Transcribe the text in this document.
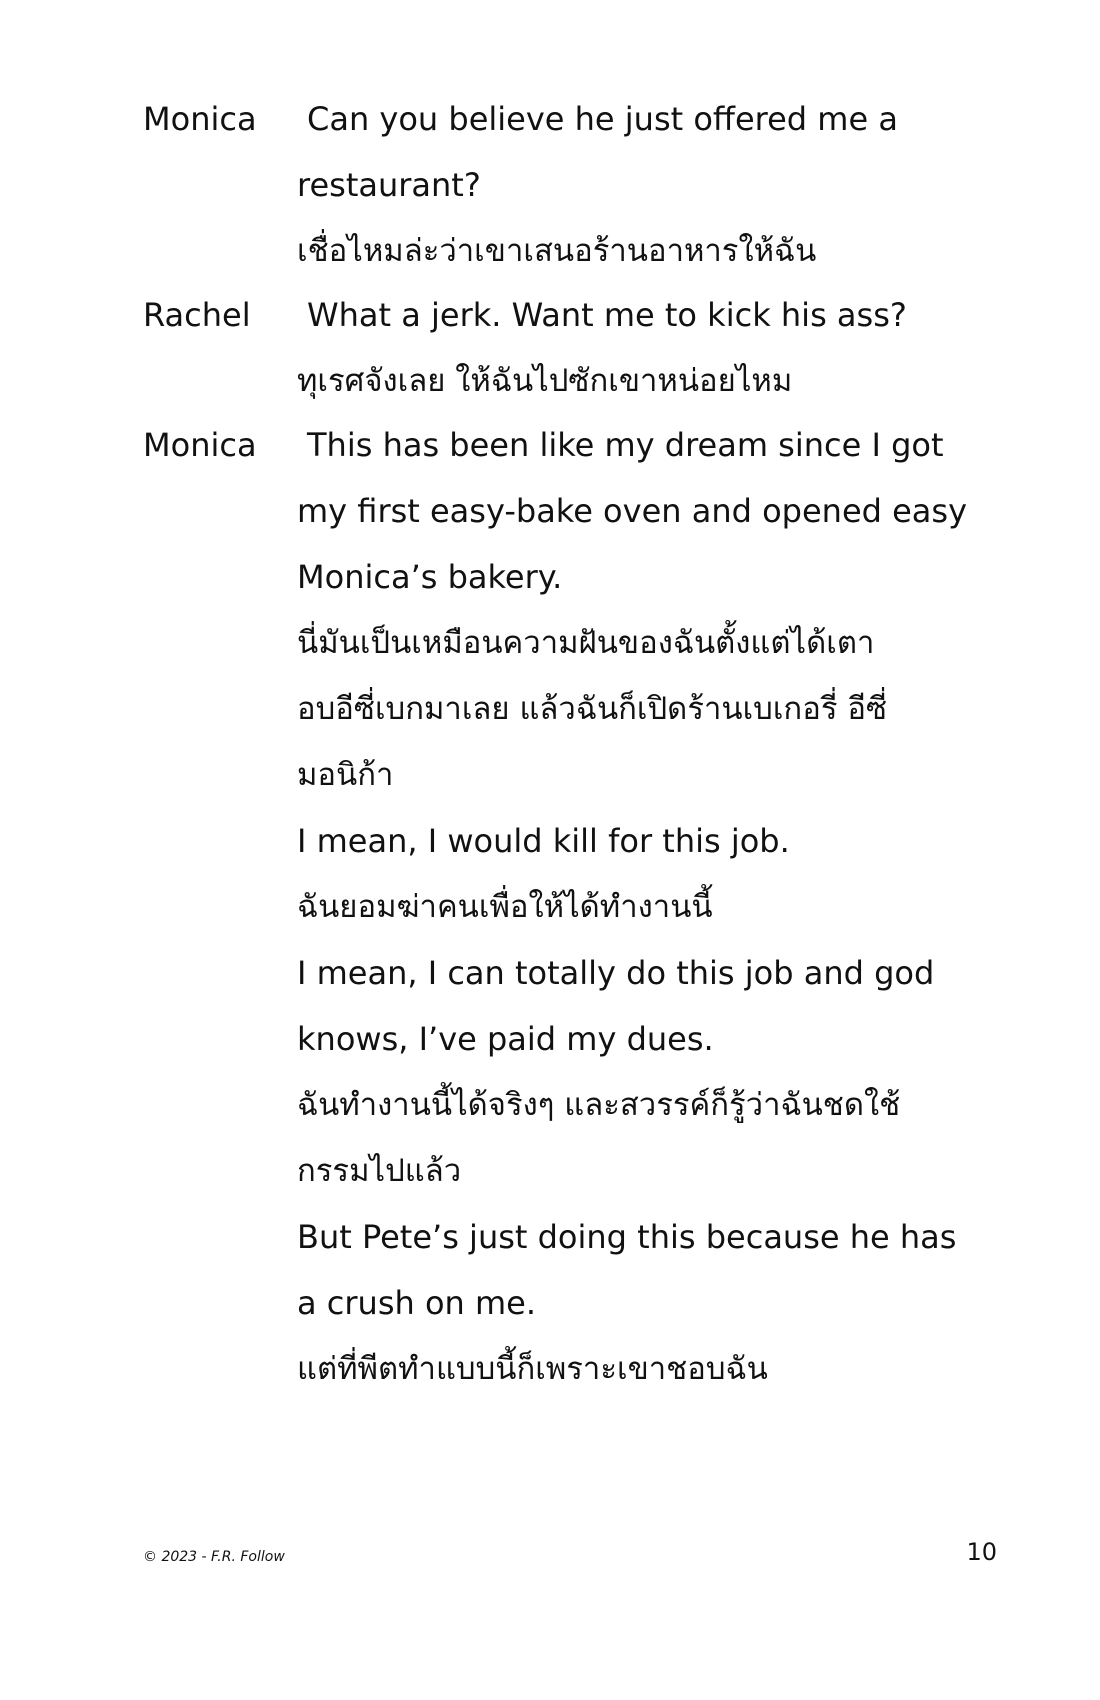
Monica	Can you believe he just offered me a
restaurant?
เชื่อไหมล่ะว่าเขาเสนอร้านอาหารให้ฉัน
Rachel	What a jerk. Want me to kick his ass?
ทุเรศจังเลย ให้ฉันไปซักเขาหน่อยไหม
Monica	This has been like my dream since I got
my first easy-bake oven and opened easy
Monica’s bakery.
นี่มันเป็นเหมือนความฝันของฉันตั้งแต่ได้เตา
อบอีซี่เบกมาเลย แล้วฉันก็เปิดร้านเบเกอรี่ อีซี่
มอนิก้า
I mean, I would kill for this job.
ฉันยอมฆ่าคนเพื่อให้ได้ทำงานนี้
I mean, I can totally do this job and god
knows, I’ve paid my dues.
ฉันทำงานนี้ได้จริงๆ และสวรรค์ก็รู้ว่าฉันชดใช้
กรรมไปแล้ว
But Pete’s just doing this because he has
a crush on me.
แต่ที่พีตทำแบบนี้ก็เพราะเขาชอบฉัน
© 2023 - F.R. Follow	10
